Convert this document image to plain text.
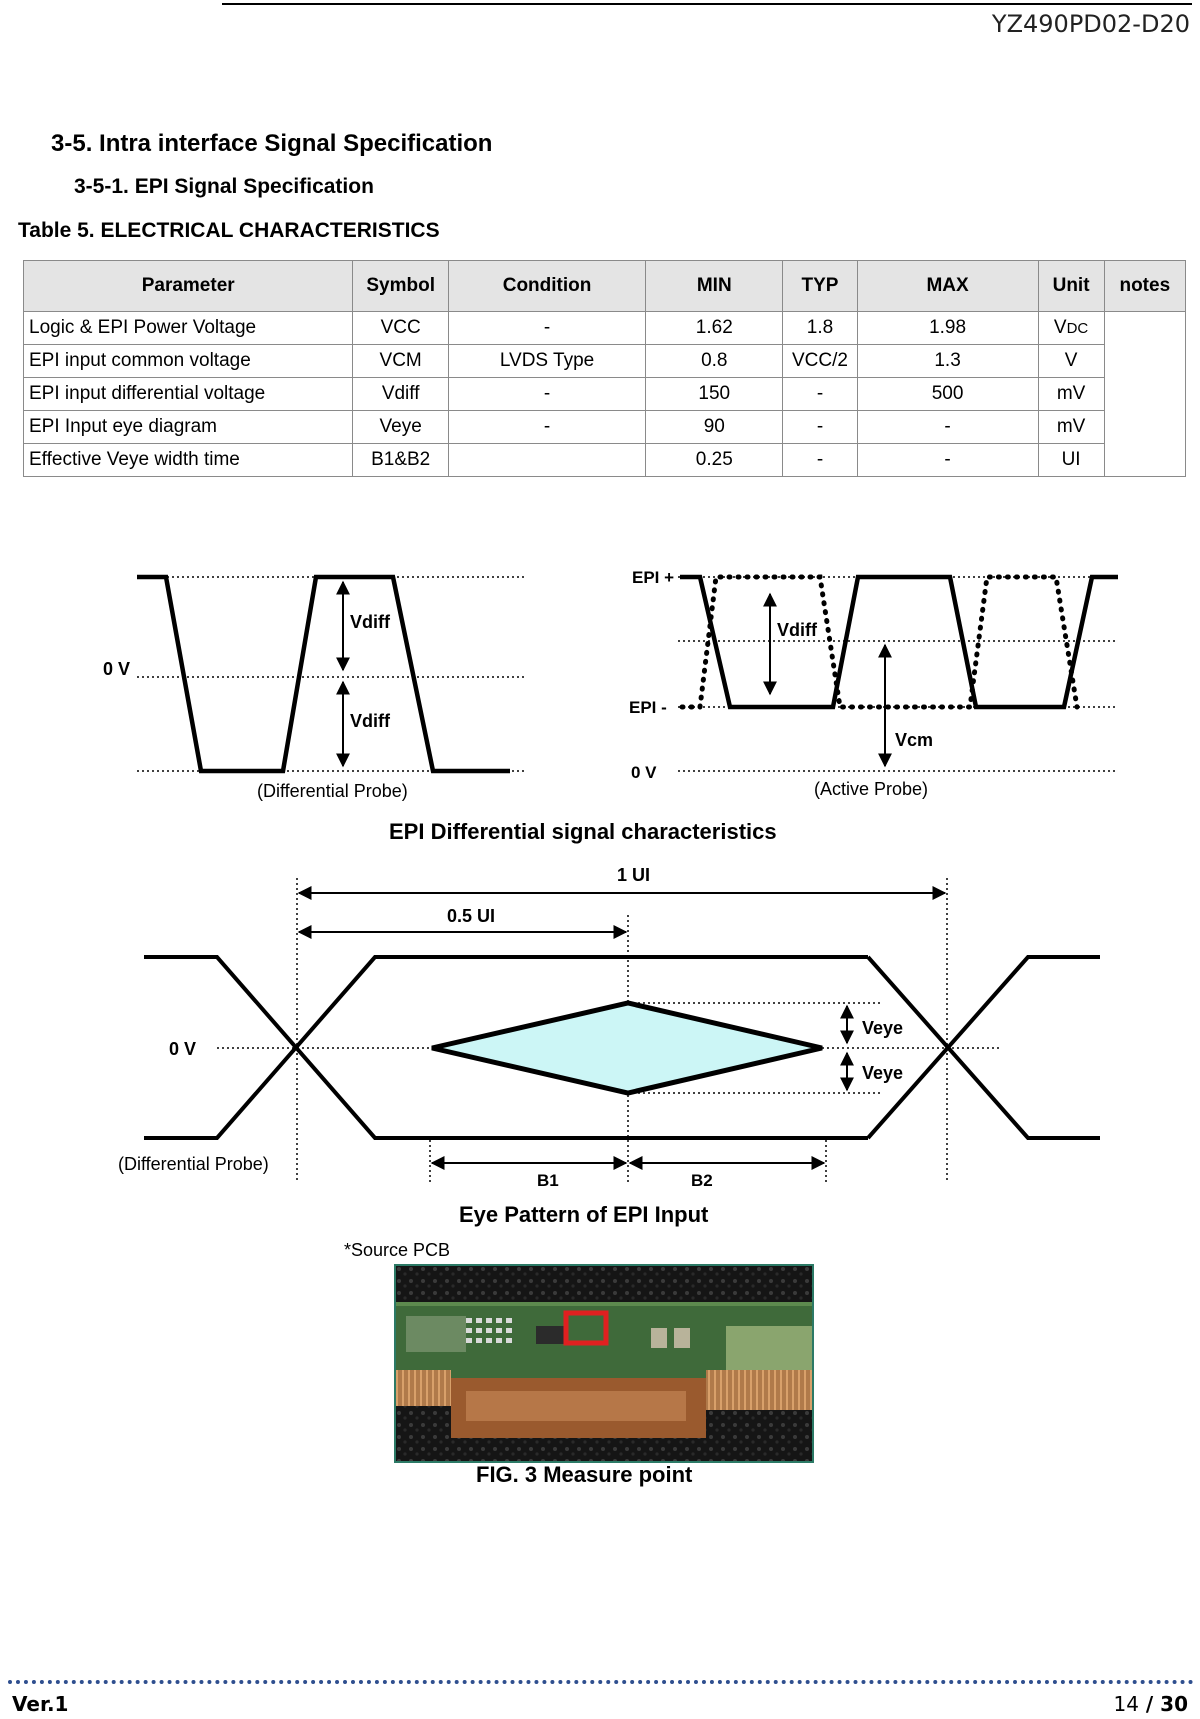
YZ490PD02-D20
3-5. Intra interface Signal Specification
3-5-1. EPI Signal Specification
Table 5. ELECTRICAL CHARACTERISTICS
Parameter	Symbol	Condition	MIN	TYP	MAX	Unit	notes
Logic & EPI Power Voltage	VCC	-	1.62	1.8	1.98	VDC	
EPI input common voltage	VCM	LVDS Type	0.8	VCC/2	1.3	V	
EPI input differential voltage	Vdiff	-	150	-	500	mV	
EPI Input eye diagram	Veye	-	90	-	-	mV	
Effective Veye width time	B1&B2		0.25	-	-	UI	
Vdiff
Vdiff
0 V
(Differential Probe)
EPI +
EPI -
Vdiff
Vcm
0 V
(Active Probe)
EPI Differential signal characteristics
1 UI
0.5 UI
0 V
Veye
Veye
(Differential Probe)
B1	B2
Eye Pattern of EPI Input
*Source PCB
FIG. 3 Measure point
Ver.1	14 / 30
